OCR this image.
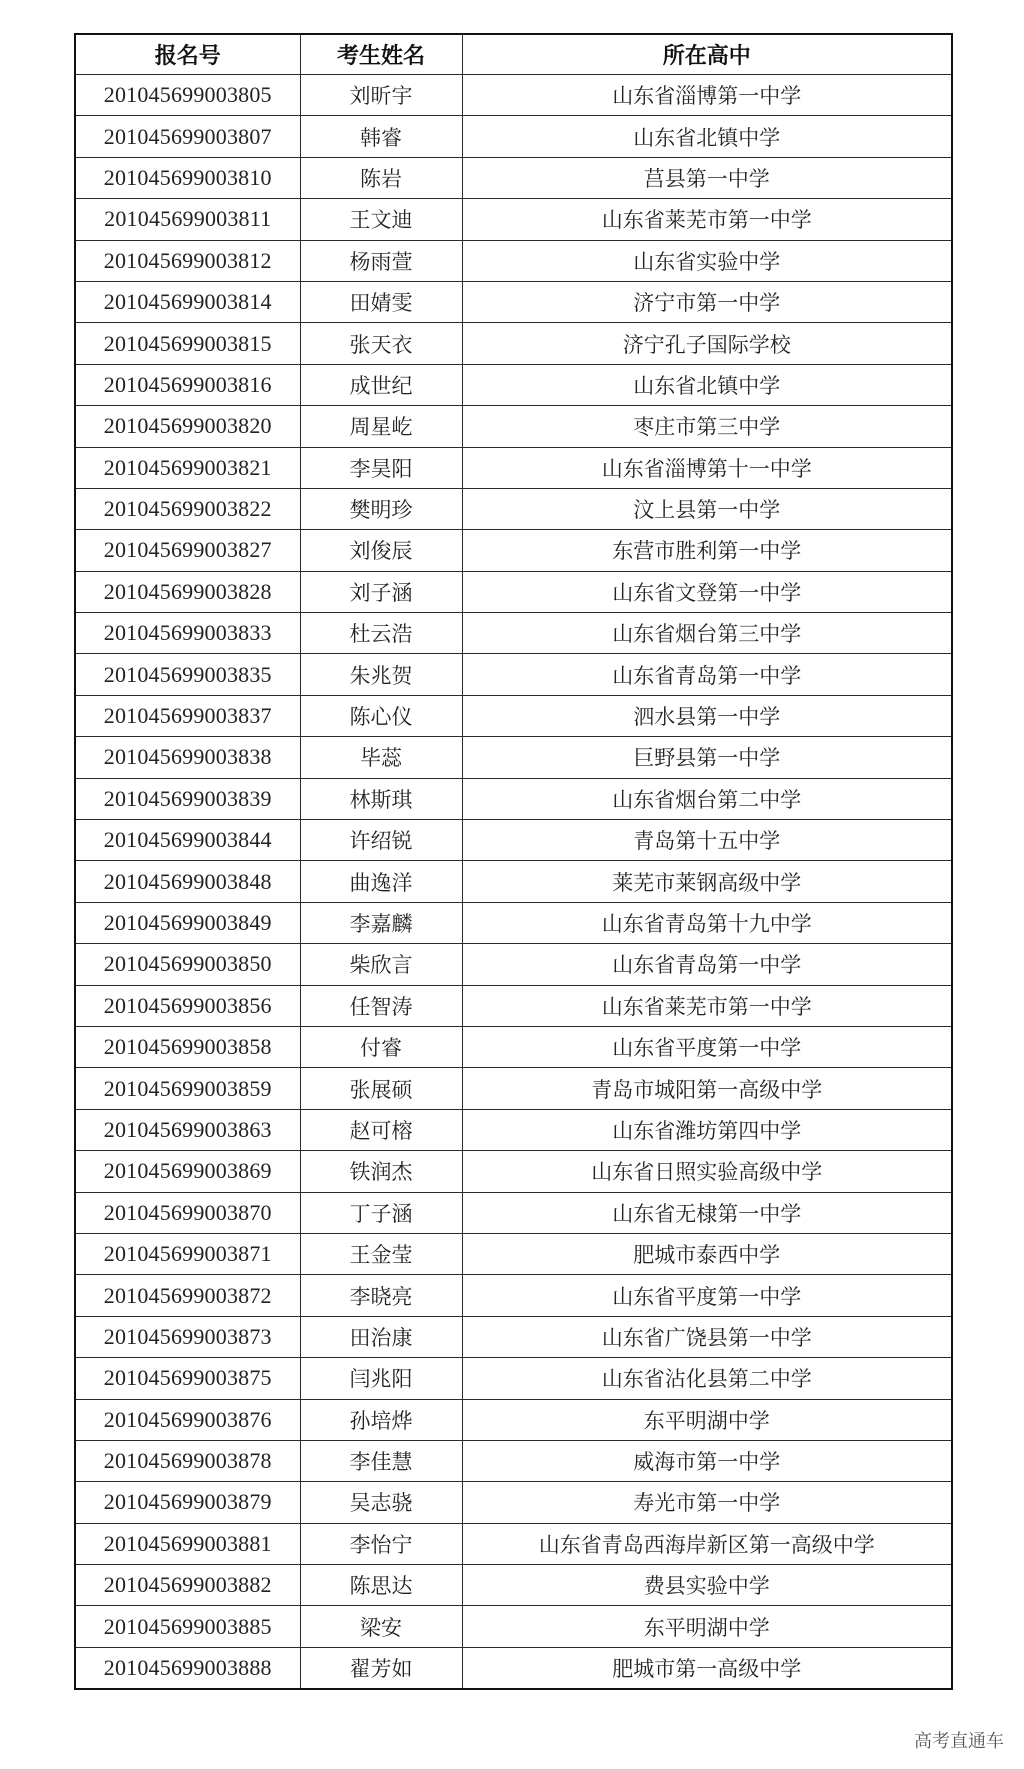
报名号	考生姓名	所在高中
201045699003805	刘昕宇	山东省淄博第一中学
201045699003807	韩睿	山东省北镇中学
201045699003810	陈岩	莒县第一中学
201045699003811	王文迪	山东省莱芜市第一中学
201045699003812	杨雨萱	山东省实验中学
201045699003814	田婧雯	济宁市第一中学
201045699003815	张天衣	济宁孔子国际学校
201045699003816	成世纪	山东省北镇中学
201045699003820	周星屹	枣庄市第三中学
201045699003821	李昊阳	山东省淄博第十一中学
201045699003822	樊明珍	汶上县第一中学
201045699003827	刘俊辰	东营市胜利第一中学
201045699003828	刘子涵	山东省文登第一中学
201045699003833	杜云浩	山东省烟台第三中学
201045699003835	朱兆贺	山东省青岛第一中学
201045699003837	陈心仪	泗水县第一中学
201045699003838	毕蕊	巨野县第一中学
201045699003839	林斯琪	山东省烟台第二中学
201045699003844	许绍锐	青岛第十五中学
201045699003848	曲逸洋	莱芜市莱钢高级中学
201045699003849	李嘉麟	山东省青岛第十九中学
201045699003850	柴欣言	山东省青岛第一中学
201045699003856	任智涛	山东省莱芜市第一中学
201045699003858	付睿	山东省平度第一中学
201045699003859	张展硕	青岛市城阳第一高级中学
201045699003863	赵可榕	山东省潍坊第四中学
201045699003869	铁润杰	山东省日照实验高级中学
201045699003870	丁子涵	山东省无棣第一中学
201045699003871	王金莹	肥城市泰西中学
201045699003872	李晓亮	山东省平度第一中学
201045699003873	田治康	山东省广饶县第一中学
201045699003875	闫兆阳	山东省沾化县第二中学
201045699003876	孙培烨	东平明湖中学
201045699003878	李佳慧	威海市第一中学
201045699003879	吴志骁	寿光市第一中学
201045699003881	李怡宁	山东省青岛西海岸新区第一高级中学
201045699003882	陈思达	费县实验中学
201045699003885	梁安	东平明湖中学
201045699003888	翟芳如	肥城市第一高级中学
高考直通车
